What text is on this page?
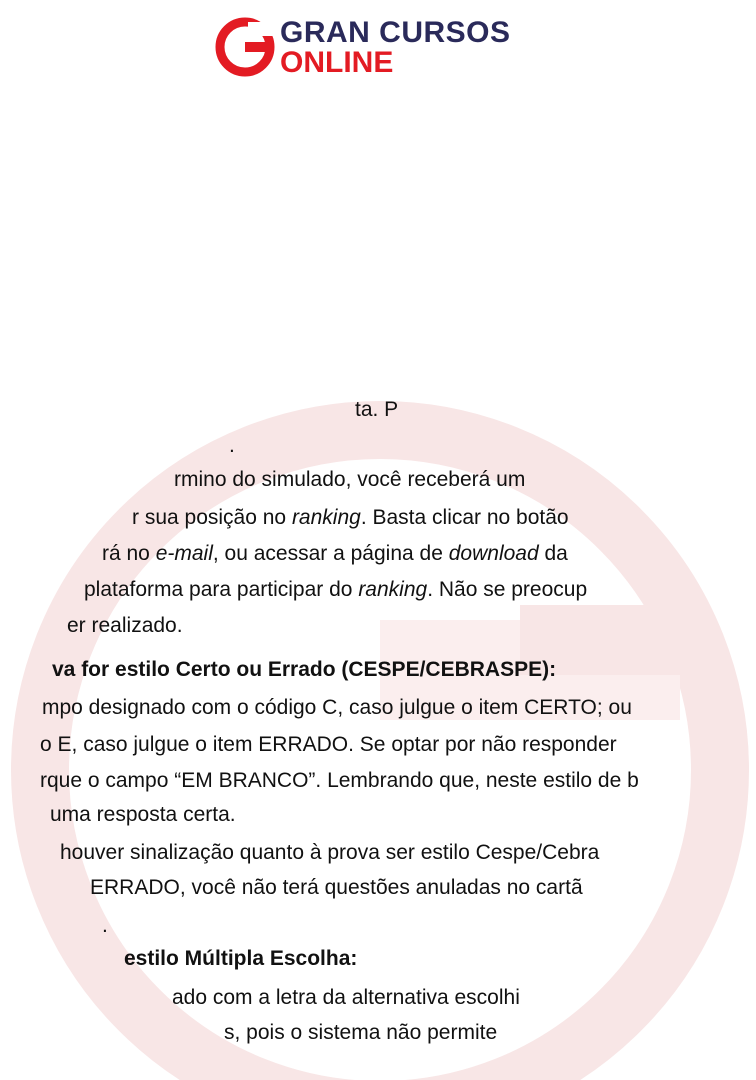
GRAN CURSOS
ONLINE
ta. P
.
rmino do simulado, você receberá um
r sua posição no ranking. Basta clicar no botão
rá no e-mail, ou acessar a página de download da
plataforma para participar do ranking. Não se preocup
er realizado.
va for estilo Certo ou Errado (CESPE/CEBRASPE):
mpo designado com o código C, caso julgue o item CERTO; ou
o E, caso julgue o item ERRADO. Se optar por não responder
rque o campo “EM BRANCO”. Lembrando que, neste estilo de b
uma resposta certa.
houver sinalização quanto à prova ser estilo Cespe/Cebra
ERRADO, você não terá questões anuladas no cartã
.
estilo Múltipla Escolha:
ado com a letra da alternativa escolhi
s, pois o sistema não permite
